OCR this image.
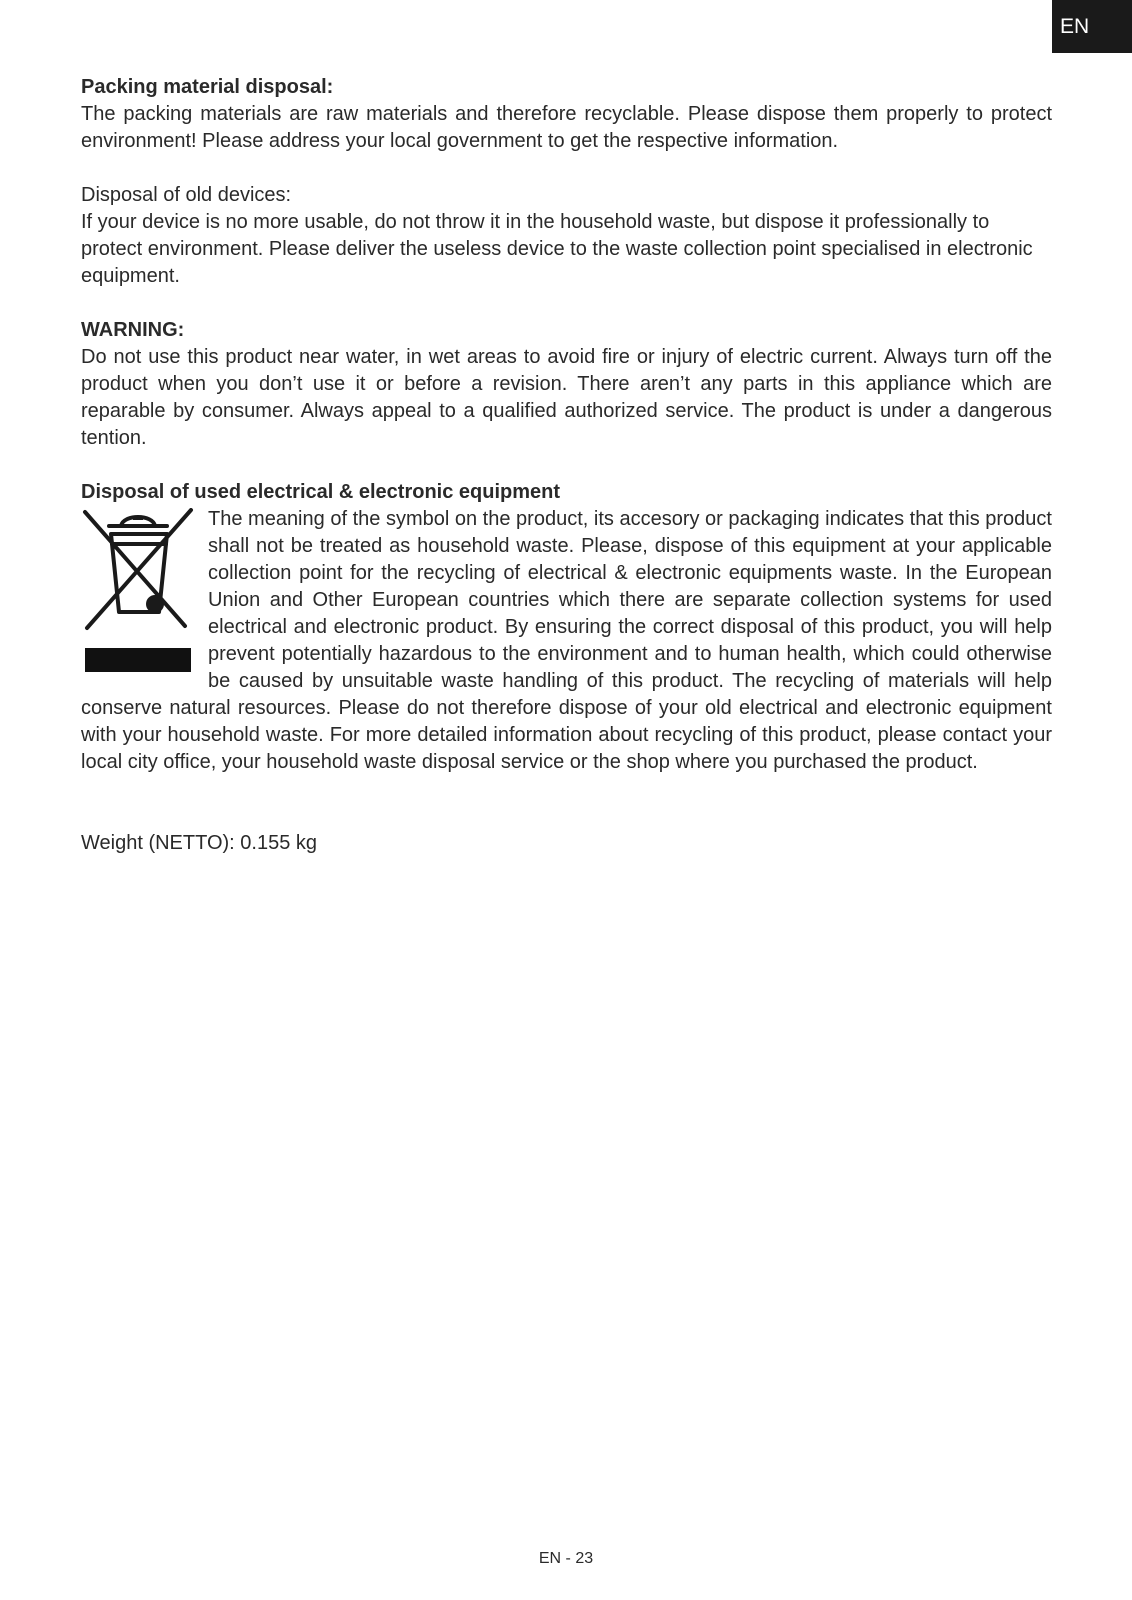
EN

Packing material disposal:

The packing materials are raw materials and therefore recyclable. Please dispose them properly to protect environment! Please address your local government to get the respective information.

Disposal of old devices:

If your device is no more usable, do not throw it in the household waste, but dispose it professionally to protect environment. Please deliver the useless device to the waste collection point specialised in electronic equipment.

WARNING:

Do not use this product near water, in wet areas to avoid fire or injury of electric current. Always turn off the product when you don’t use it or before a revision. There aren’t any parts in this appliance which are reparable by consumer. Always appeal to a qualified authorized service. The product is under a dangerous tention.

Disposal of used electrical & electronic equipment

The meaning of the symbol on the product, its accesory or packaging indicates that this product shall not be treated as household waste. Please, dispose of this equipment at your applicable collection point for the recycling of electrical & electronic equipments waste. In the European Union and Other European countries which there are separate collection systems for used electrical and electronic product. By ensuring the correct disposal of this product, you will help prevent potentially hazardous to the environment and to human health, which could otherwise be caused by unsuitable waste handling of this product. The recycling of materials will help conserve natural resources. Please do not therefore dispose of your old electrical and electronic equipment with your household waste. For more detailed information about recycling of this product, please contact your local city office, your household waste disposal service or the shop where you purchased the product.

Weight (NETTO): 0.155 kg

EN - 23
